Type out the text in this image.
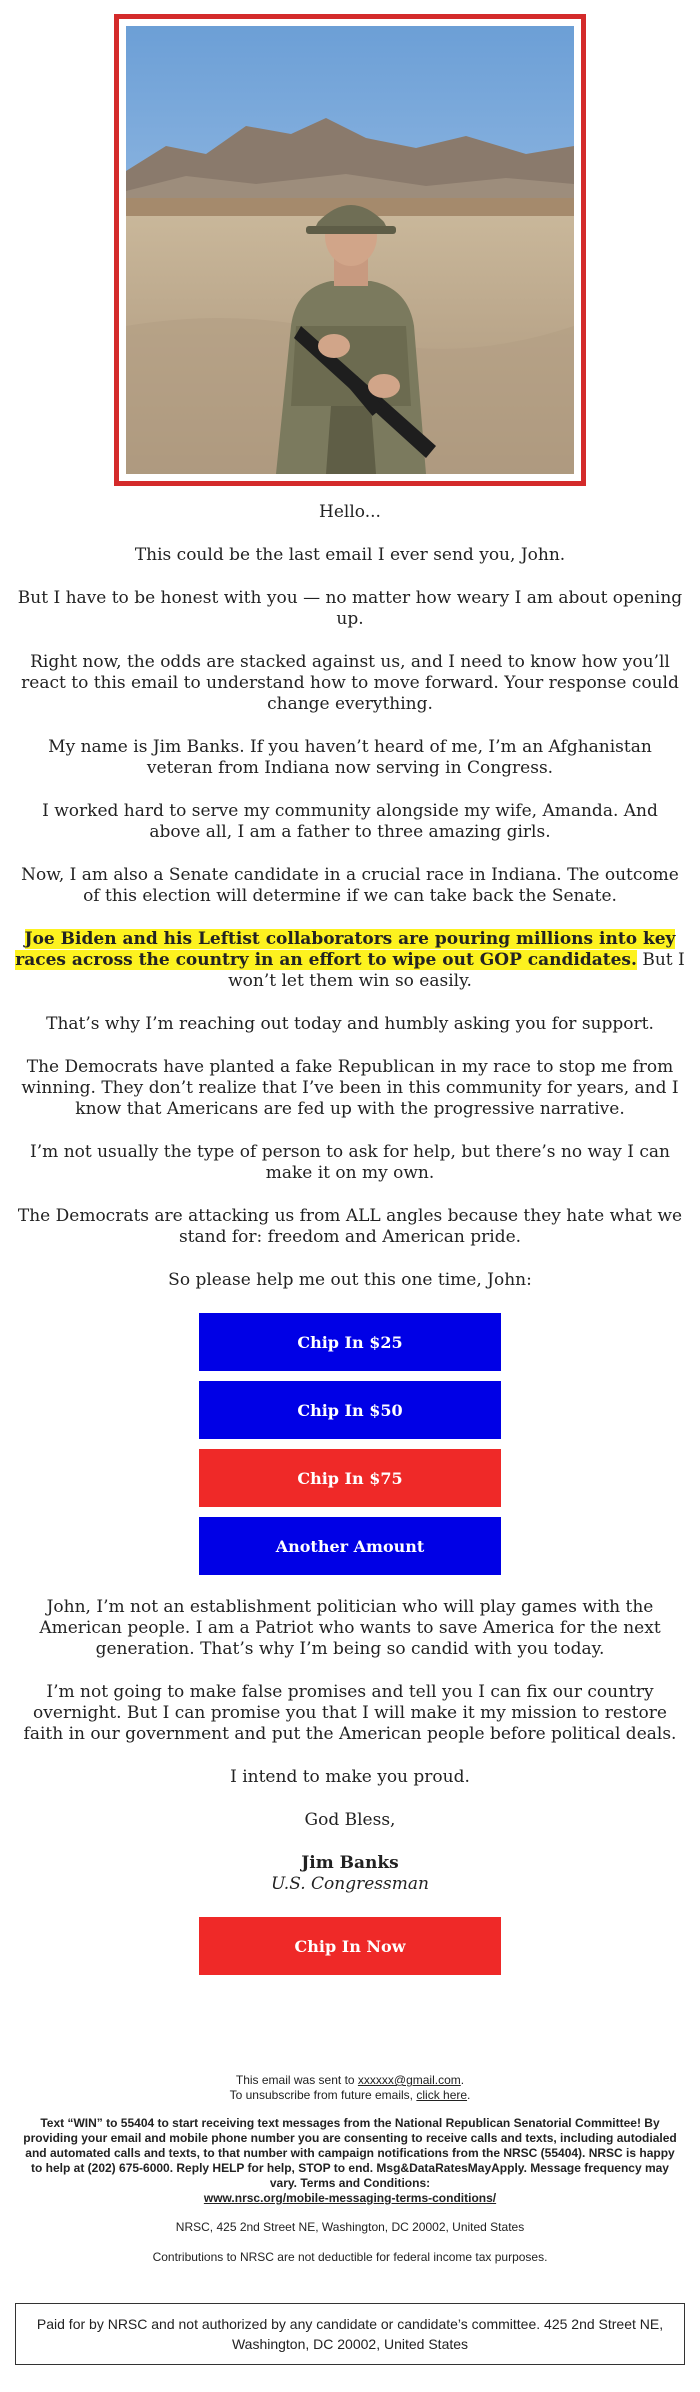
Hello...

This could be the last email I ever send you, John.

But I have to be honest with you — no matter how weary I am about opening up.

Right now, the odds are stacked against us, and I need to know how you’ll react to this email to understand how to move forward. Your response could change everything.

My name is Jim Banks. If you haven’t heard of me, I’m an Afghanistan veteran from Indiana now serving in Congress.

I worked hard to serve my community alongside my wife, Amanda. And above all, I am a father to three amazing girls.

Now, I am also a Senate candidate in a crucial race in Indiana. The outcome of this election will determine if we can take back the Senate.

Joe Biden and his Leftist collaborators are pouring millions into key races across the country in an effort to wipe out GOP candidates. But I won’t let them win so easily.

That’s why I’m reaching out today and humbly asking you for support.

The Democrats have planted a fake Republican in my race to stop me from winning. They don’t realize that I’ve been in this community for years, and I know that Americans are fed up with the progressive narrative.

I’m not usually the type of person to ask for help, but there’s no way I can make it on my own.

The Democrats are attacking us from ALL angles because they hate what we stand for: freedom and American pride.

So please help me out this one time, John:

Chip In $25
Chip In $50
Chip In $75
Another Amount

John, I’m not an establishment politician who will play games with the American people. I am a Patriot who wants to save America for the next generation. That’s why I’m being so candid with you today.

I’m not going to make false promises and tell you I can fix our country overnight. But I can promise you that I will make it my mission to restore faith in our government and put the American people before political deals.

I intend to make you proud.

God Bless,

Jim Banks
U.S. Congressman
Chip In Now
This email was sent to xxxxxx@gmail.com.
To unsubscribe from future emails, click here.
Text “WIN” to 55404 to start receiving text messages from the National Republican Senatorial Committee! By providing your email and mobile phone number you are consenting to receive calls and texts, including autodialed and automated calls and texts, to that number with campaign notifications from the NRSC (55404). NRSC is happy to help at (202) 675-6000. Reply HELP for help, STOP to end. Msg&DataRatesMayApply. Message frequency may vary. Terms and Conditions:
www.nrsc.org/mobile-messaging-terms-conditions/
NRSC, 425 2nd Street NE, Washington, DC 20002, United States
Contributions to NRSC are not deductible for federal income tax purposes.
Paid for by NRSC and not authorized by any candidate or candidate’s committee. 425 2nd Street NE, Washington, DC 20002, United States
